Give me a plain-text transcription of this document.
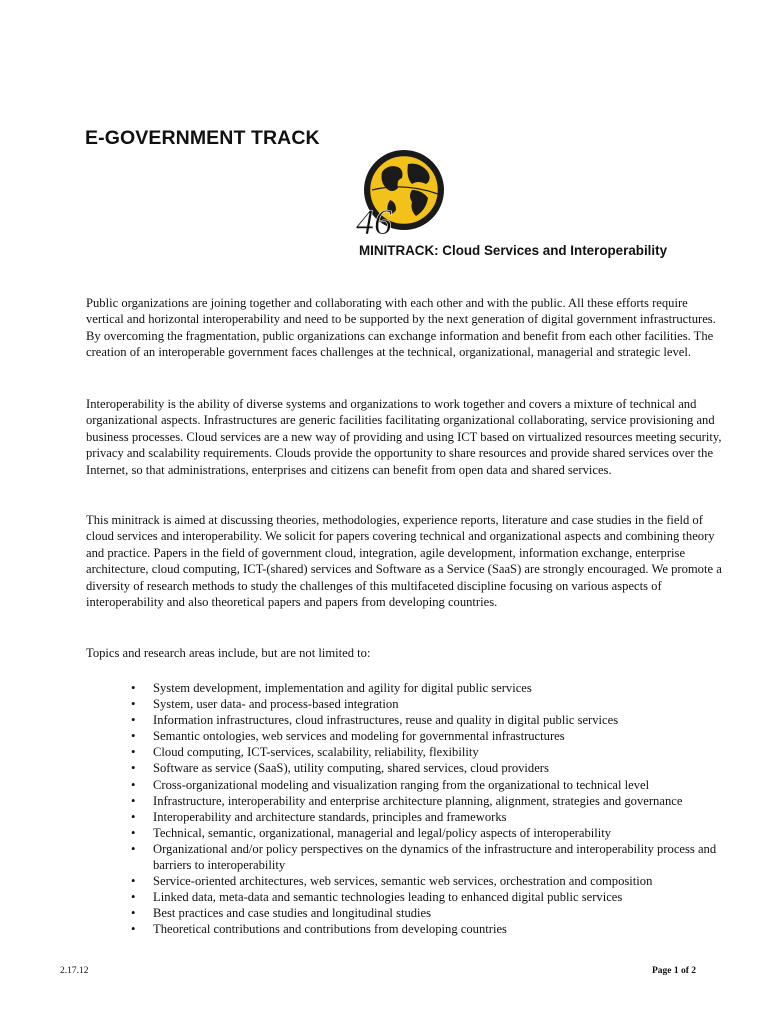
E-GOVERNMENT TRACK
46
MINITRACK: Cloud Services and Interoperability

Public organizations are joining together and collaborating with each other and with the public. All these efforts require vertical and horizontal interoperability and need to be supported by the next generation of digital government infrastructures. By overcoming the fragmentation, public organizations can exchange information and benefit from each other facilities. The creation of an interoperable government faces challenges at the technical, organizational, managerial and strategic level.

Interoperability is the ability of diverse systems and organizations to work together and covers a mixture of technical and organizational aspects. Infrastructures are generic facilities facilitating organizational collaborating, service provisioning and business processes. Cloud services are a new way of providing and using ICT based on virtualized resources meeting security, privacy and scalability requirements. Clouds provide the opportunity to share resources and provide shared services over the Internet, so that administrations, enterprises and citizens can benefit from open data and shared services.

This minitrack is aimed at discussing theories, methodologies, experience reports, literature and case studies in the field of cloud services and interoperability. We solicit for papers covering technical and organizational aspects and combining theory and practice. Papers in the field of government cloud, integration, agile development, information exchange, enterprise architecture, cloud computing, ICT-(shared) services and Software as a Service (SaaS) are strongly encouraged. We promote a diversity of research methods to study the challenges of this multifaceted discipline focusing on various aspects of interoperability and also theoretical papers and papers from developing countries.

Topics and research areas include, but are not limited to:

• System development, implementation and agility for digital public services
• System, user data- and process-based integration
• Information infrastructures, cloud infrastructures, reuse and quality in digital public services
• Semantic ontologies, web services and modeling for governmental infrastructures
• Cloud computing, ICT-services, scalability, reliability, flexibility
• Software as service (SaaS), utility computing, shared services, cloud providers
• Cross-organizational modeling and visualization ranging from the organizational to technical level
• Infrastructure, interoperability and enterprise architecture planning, alignment, strategies and governance
• Interoperability and architecture standards, principles and frameworks
• Technical, semantic, organizational, managerial and legal/policy aspects of interoperability
• Organizational and/or policy perspectives on the dynamics of the infrastructure and interoperability process and barriers to interoperability
• Service-oriented architectures, web services, semantic web services, orchestration and composition
• Linked data, meta-data and semantic technologies leading to enhanced digital public services
• Best practices and case studies and longitudinal studies
• Theoretical contributions and contributions from developing countries

2.17.12	Page 1 of 2
